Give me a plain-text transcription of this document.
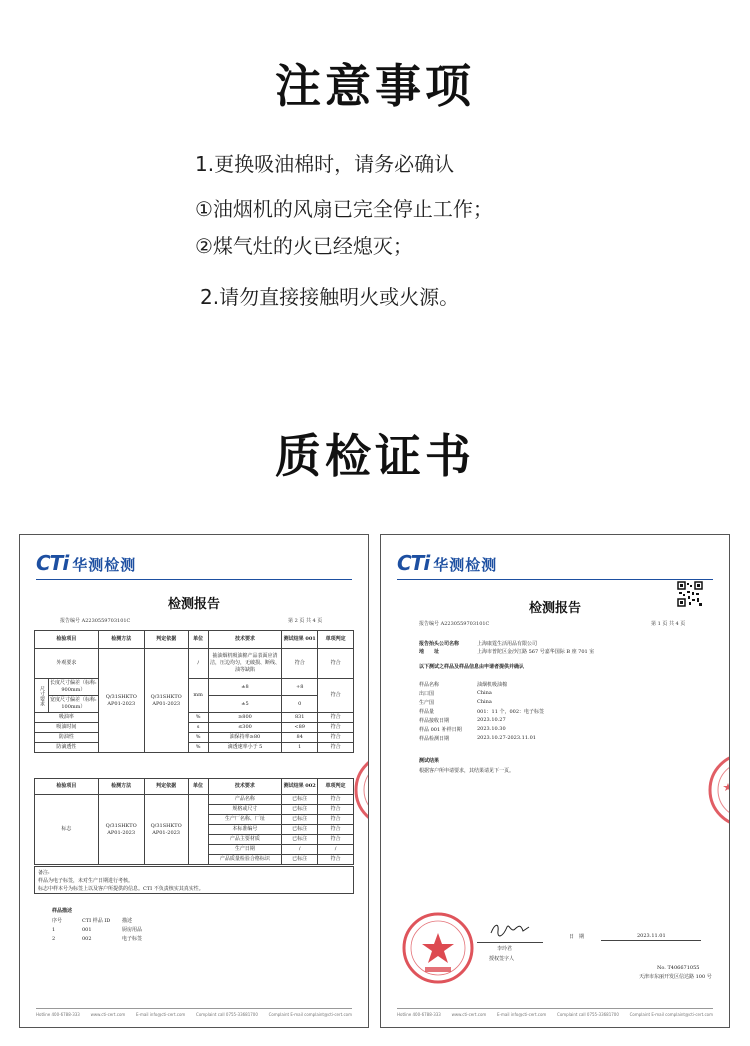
注意事项
1.更换吸油棉时，请务必确认
①油烟机的风扇已完全停止工作；
②煤气灶的火已经熄灭；
2.请勿直接接触明火或火源。
质检证书
CTi 华测检测
检测报告
报告编号 A2230559703101C	第 2 页 共 4 页
检验项目		检测方法	判定依据	单位	技术要求	测试结果 001	单项判定
外观要求		Q/31SHKTO AP01-2023	Q/31SHKTO AP01-2023	/	抽油烟机吸油棉产品表面应清洁，压边均匀，无破损、断线、油等缺陷	符合	符合
尺寸要求	长度尺寸偏差（标称: 900mm）			mm	±8	+8	符合
	宽度尺寸偏差（标称: 100mm）				±5	0	
吸油率				%	≥800	831	符合
吸油时间				s	≤300	<89	符合
防油性				%	油保持率≥80	84	符合
防滴透性				%	滴透速率小于 5	1	符合
检验项目	检测方法	判定依据	单位	技术要求	测试结果 002	单项判定
标志	Q/31SHKTO AP01-2023	Q/31SHKTO AP01-2023		产品名称	已标注	符合
				规格或尺寸	已标注	符合
				生产厂名称、厂址	已标注	符合
				本标准编号	已标注	符合
				产品主要材质	已标注	符合
				生产日期	/	/
				产品质量检验合格标识	已标注	符合
备注:
样品为电子标签，未对生产日期进行考核。
标志中样本号为标签上以及客户所提供的信息。CTI 不负责核实其真实性。
样品描述
序号	CTI 样品 ID	描述
1	001	厨房用品
2	002	电子标签
Hotline 400-6788-333	www.cti-cert.com	E-mail info@cti-cert.com	Complaint call 0755-33681700	Complaint E-mail complaint@cti-cert.com
CTi 华测检测
检测报告
报告编号 A2230559703101C	第 1 页 共 4 页
报告抬头公司名称	上海康霆生活用品有限公司
地　　址	上海市普陀区金沙江路 567 号嘉华国际 B 座 701 室
以下测试之样品及样品信息由申请者提供并确认
样品名称	油烟机吸油棉
出口国	China
生产国	China
样品量	001：11 个，002：电子标签
样品接收日期	2023.10.27
样品 001 补样日期	2023.10.30
样品检测日期	2023.10.27-2023.11.01
测试结果
根据客户所申请要求，其结果请见下一页。
李玲君
授权签字人
日　期	2023.11.01
No. T406671055
天津市东丽开发区信达路 100 号
Hotline 400-6788-333	www.cti-cert.com	E-mail info@cti-cert.com	Complaint call 0755-33681700	Complaint E-mail complaint@cti-cert.com
